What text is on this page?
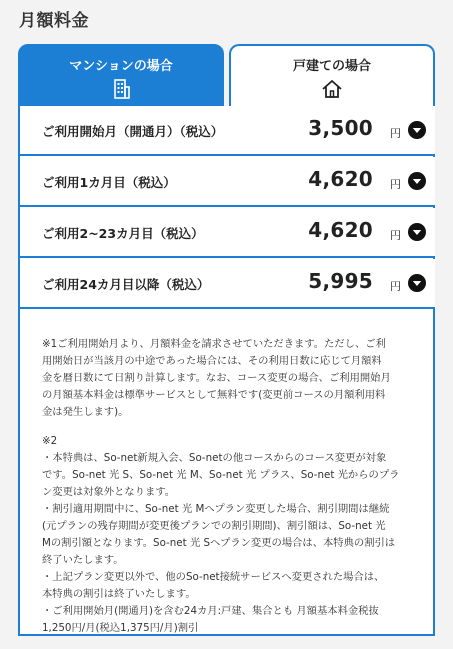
月額料金
マンションの場合	戸建ての場合
ご利用開始月（開通月）（税込）	3,500 円
ご利用1カ月目（税込）	4,620 円
ご利用2~23カ月目（税込）	4,620 円
ご利用24カ月目以降（税込）	5,995 円

※1ご利用開始月より、月額料金を請求させていただきます。ただし、ご利
用開始日が当該月の中途であった場合には、その利用日数に応じて月額料
金を暦日数にて日割り計算します。なお、コース変更の場合、ご利用開始月
の月額基本料金は標準サービスとして無料です(変更前コースの月額利用料
金は発生します)。

※2
・本特典は、So-net新規入会、So-netの他コースからのコース変更が対象
です。So-net 光 S、So-net 光 M、So-net 光 プラス、So-net 光からのプラ
ン変更は対象外となります。
・割引適用期間中に、So-net 光 Mへプラン変更した場合、割引期間は継続
(元プランの残存期間が変更後プランでの割引期間)、割引額は、So-net 光
Mの割引額となります。So-net 光 Sへプラン変更の場合は、本特典の割引は
終了いたします。
・上記プラン変更以外で、他のSo-net接続サービスへ変更された場合は、
本特典の割引は終了いたします。
・ご利用開始月(開通月)を含む24カ月:戸建、集合とも 月額基本料金税抜
1,250円/月(税込1,375円/月)割引
